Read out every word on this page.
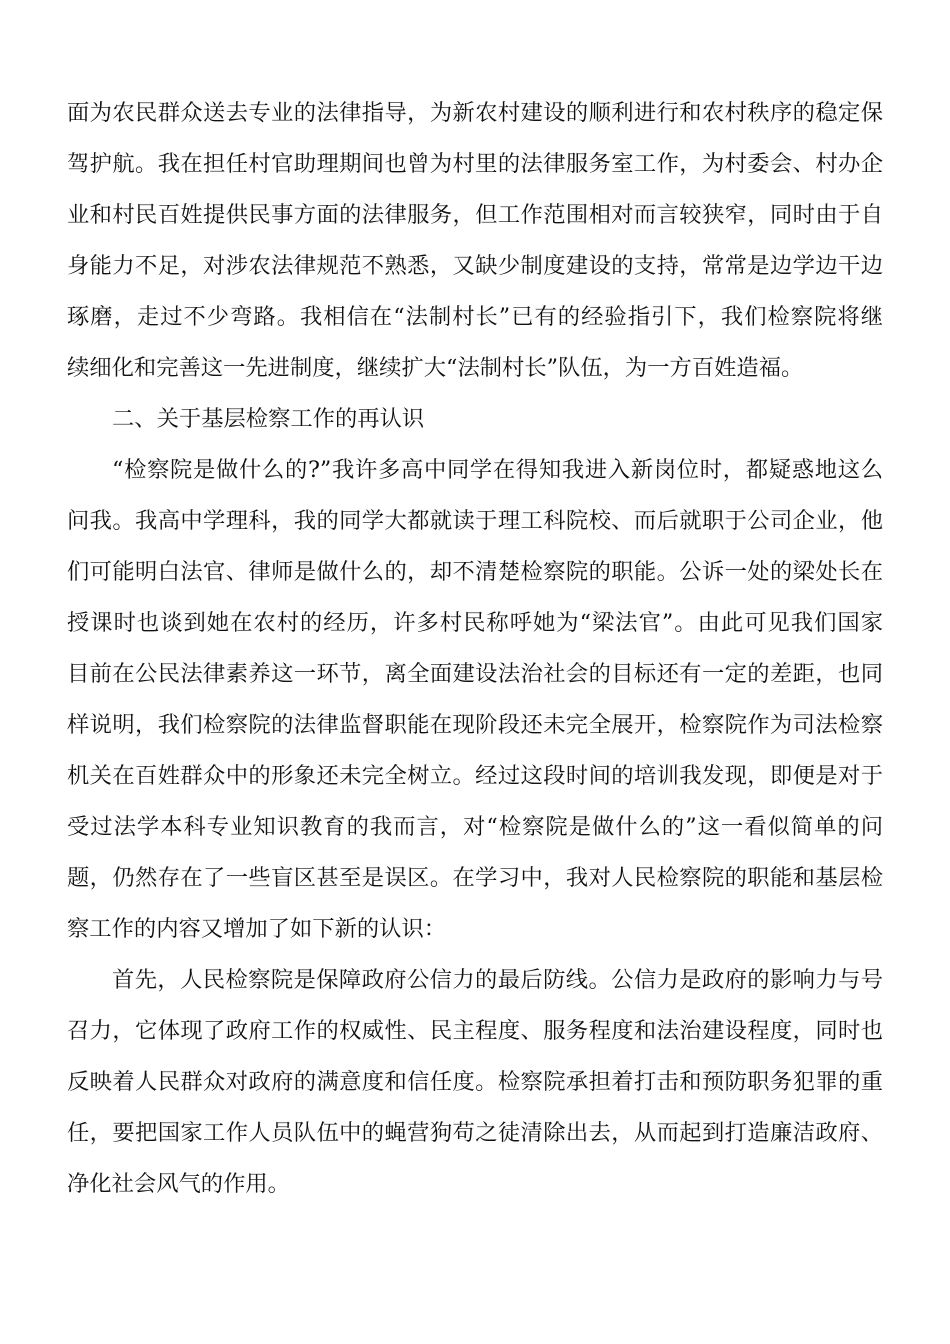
面为农民群众送去专业的法律指导，为新农村建设的顺利进行和农村秩序的稳定保
驾护航。我在担任村官助理期间也曾为村里的法律服务室工作，为村委会、村办企
业和村民百姓提供民事方面的法律服务，但工作范围相对而言较狭窄，同时由于自
身能力不足，对涉农法律规范不熟悉，又缺少制度建设的支持，常常是边学边干边
琢磨，走过不少弯路。我相信在“法制村长”已有的经验指引下，我们检察院将继
续细化和完善这一先进制度，继续扩大“法制村长”队伍，为一方百姓造福。
二、关于基层检察工作的再认识
“检察院是做什么的?”我许多高中同学在得知我进入新岗位时，都疑惑地这么
问我。我高中学理科，我的同学大都就读于理工科院校、而后就职于公司企业，他
们可能明白法官、律师是做什么的，却不清楚检察院的职能。公诉一处的梁处长在
授课时也谈到她在农村的经历，许多村民称呼她为“梁法官”。由此可见我们国家
目前在公民法律素养这一环节，离全面建设法治社会的目标还有一定的差距，也同
样说明，我们检察院的法律监督职能在现阶段还未完全展开，检察院作为司法检察
机关在百姓群众中的形象还未完全树立。经过这段时间的培训我发现，即便是对于
受过法学本科专业知识教育的我而言，对“检察院是做什么的”这一看似简单的问
题，仍然存在了一些盲区甚至是误区。在学习中，我对人民检察院的职能和基层检
察工作的内容又增加了如下新的认识：
首先，人民检察院是保障政府公信力的最后防线。公信力是政府的影响力与号
召力，它体现了政府工作的权威性、民主程度、服务程度和法治建设程度，同时也
反映着人民群众对政府的满意度和信任度。检察院承担着打击和预防职务犯罪的重
任，要把国家工作人员队伍中的蝇营狗苟之徒清除出去，从而起到打造廉洁政府、
净化社会风气的作用。
